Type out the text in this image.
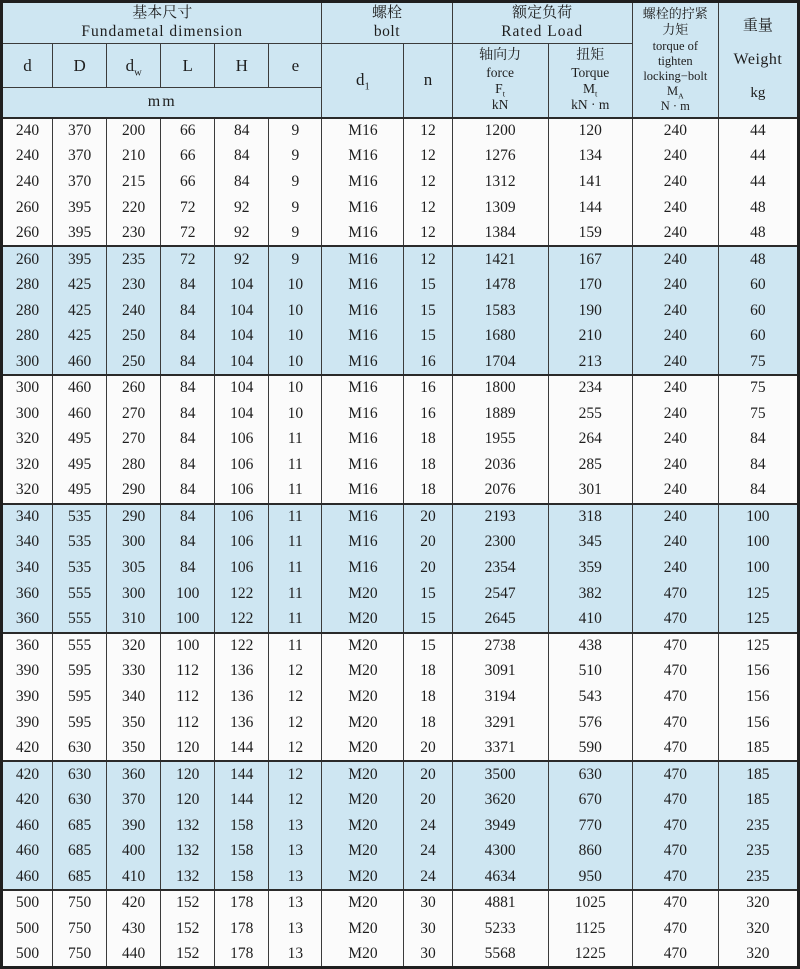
基本尺寸
Fundametal dimension

螺栓
bolt

额定负荷
Rated Load

螺栓的拧紧
力矩
torque of
tighten
locking−bolt
$M_A$
N · m

重量
Weight
kg

d	D	$d_w$	L	H	e	$d_1$	n	
轴向力
force
$F_t$
kN

扭矩
Torque
$M_t$
kN · m

mm											
240	370	200	66	84	9	M16	12	1200	120	240	44
240	370	210	66	84	9	M16	12	1276	134	240	44
240	370	215	66	84	9	M16	12	1312	141	240	44
260	395	220	72	92	9	M16	12	1309	144	240	48
260	395	230	72	92	9	M16	12	1384	159	240	48
260	395	235	72	92	9	M16	12	1421	167	240	48
280	425	230	84	104	10	M16	15	1478	170	240	60
280	425	240	84	104	10	M16	15	1583	190	240	60
280	425	250	84	104	10	M16	15	1680	210	240	60
300	460	250	84	104	10	M16	16	1704	213	240	75
300	460	260	84	104	10	M16	16	1800	234	240	75
300	460	270	84	104	10	M16	16	1889	255	240	75
320	495	270	84	106	11	M16	18	1955	264	240	84
320	495	280	84	106	11	M16	18	2036	285	240	84
320	495	290	84	106	11	M16	18	2076	301	240	84
340	535	290	84	106	11	M16	20	2193	318	240	100
340	535	300	84	106	11	M16	20	2300	345	240	100
340	535	305	84	106	11	M16	20	2354	359	240	100
360	555	300	100	122	11	M20	15	2547	382	470	125
360	555	310	100	122	11	M20	15	2645	410	470	125
360	555	320	100	122	11	M20	15	2738	438	470	125
390	595	330	112	136	12	M20	18	3091	510	470	156
390	595	340	112	136	12	M20	18	3194	543	470	156
390	595	350	112	136	12	M20	18	3291	576	470	156
420	630	350	120	144	12	M20	20	3371	590	470	185
420	630	360	120	144	12	M20	20	3500	630	470	185
420	630	370	120	144	12	M20	20	3620	670	470	185
460	685	390	132	158	13	M20	24	3949	770	470	235
460	685	400	132	158	13	M20	24	4300	860	470	235
460	685	410	132	158	13	M20	24	4634	950	470	235
500	750	420	152	178	13	M20	30	4881	1025	470	320
500	750	430	152	178	13	M20	30	5233	1125	470	320
500	750	440	152	178	13	M20	30	5568	1225	470	320
